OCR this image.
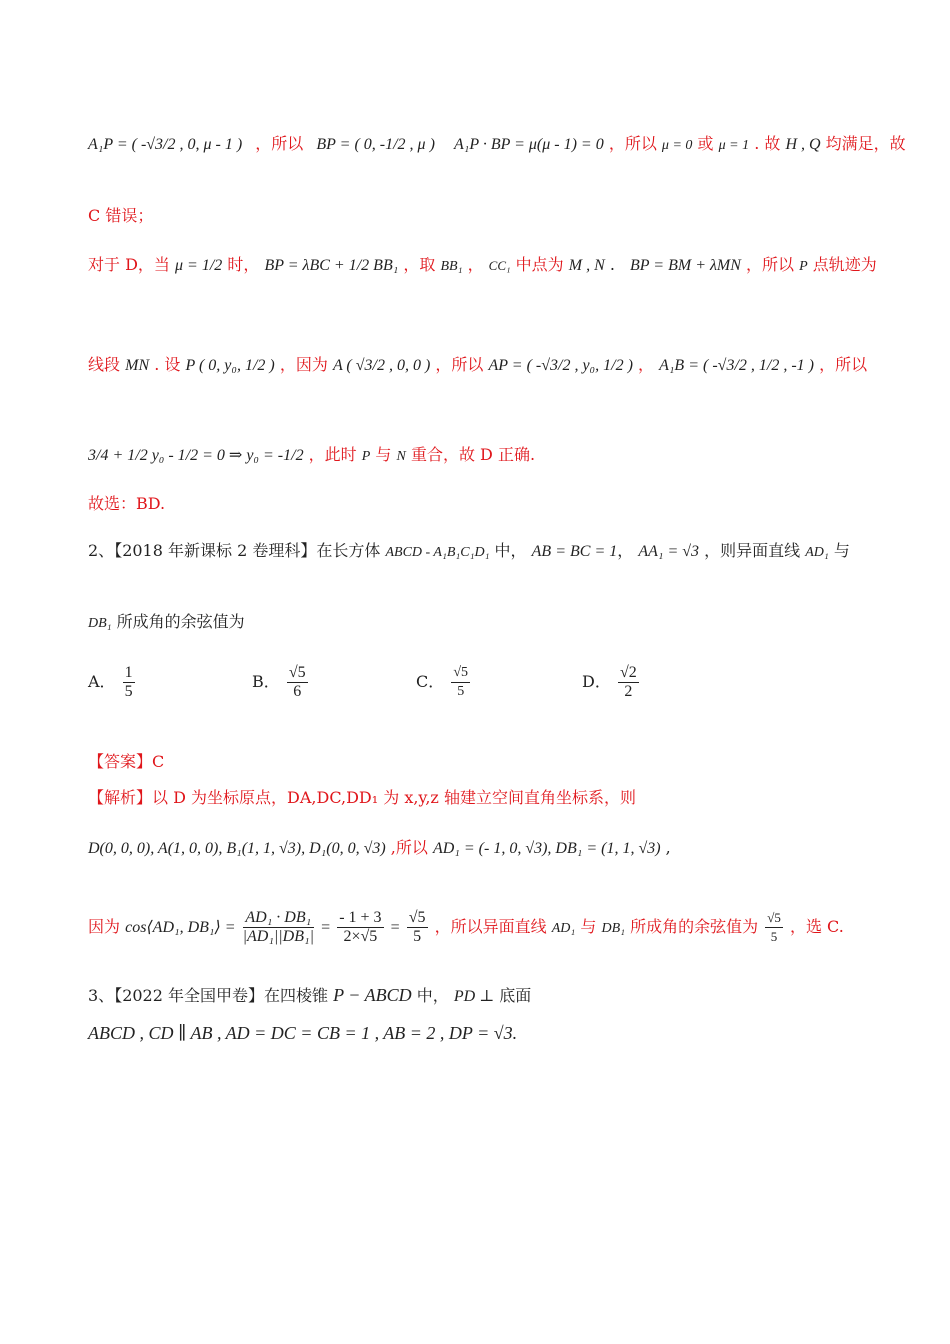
A₁P = ( -√3/2 , 0, μ - 1 ) ，所以 BP = ( 0, -1/2 , μ ) A₁P · BP = μ(μ - 1) = 0 ，所以 μ = 0 或 μ = 1 . 故 H , Q 均满足，故
C 错误；
对于 D，当 μ = 1/2 时， BP = λBC + 1/2 BB₁ ，取 BB₁ ， CC₁ 中点为 M , N . BP = BM + λMN ，所以 P 点轨迹为
线段 MN . 设 P ( 0, y₀, 1/2 ) ，因为 A ( √3/2 , 0, 0 ) ，所以 AP = ( -√3/2 , y₀, 1/2 ) ， A₁B = ( -√3/2 , 1/2 , -1 ) ，所以
3/4 + 1/2 y₀ - 1/2 = 0 ⇒ y₀ = -1/2 ，此时 P 与 N 重合，故 D 正确.
故选：BD.
2、【2018 年新课标 2 卷理科】在长方体 ABCD - A₁B₁C₁D₁ 中， AB = BC = 1， AA₁ = √3 ，则异面直线 AD₁ 与
DB₁ 所成角的余弦值为
A． $\frac{1}{5}$	B． $\frac{√5}{6}$	C． $\frac{√5}{5}$	D． $\frac{√2}{2}$
【答案】C
【解析】以 D 为坐标原点，DA,DC,DD₁ 为 x,y,z 轴建立空间直角坐标系，则
D(0, 0, 0), A(1, 0, 0), B₁(1, 1, √3), D₁(0, 0, √3) ,所以 AD₁ = (- 1, 0, √3), DB₁ = (1, 1, √3) ,
因为 cos⟨AD₁, DB₁⟩ = $\frac{\text{AD₁ · DB₁}}{\text{|AD₁||DB₁|}} = \frac{- 1 + 3}{2\times√5} = \frac{√5}{5}$ ，所以异面直线 AD₁ 与 DB₁ 所成角的余弦值为 $\frac{√5}{5}$ ，选 C.
3、【2022 年全国甲卷】在四棱锥 P − ABCD 中， PD ⊥ 底面
ABCD , CD ∥ AB , AD = DC = CB = 1 , AB = 2 , DP = √3.
